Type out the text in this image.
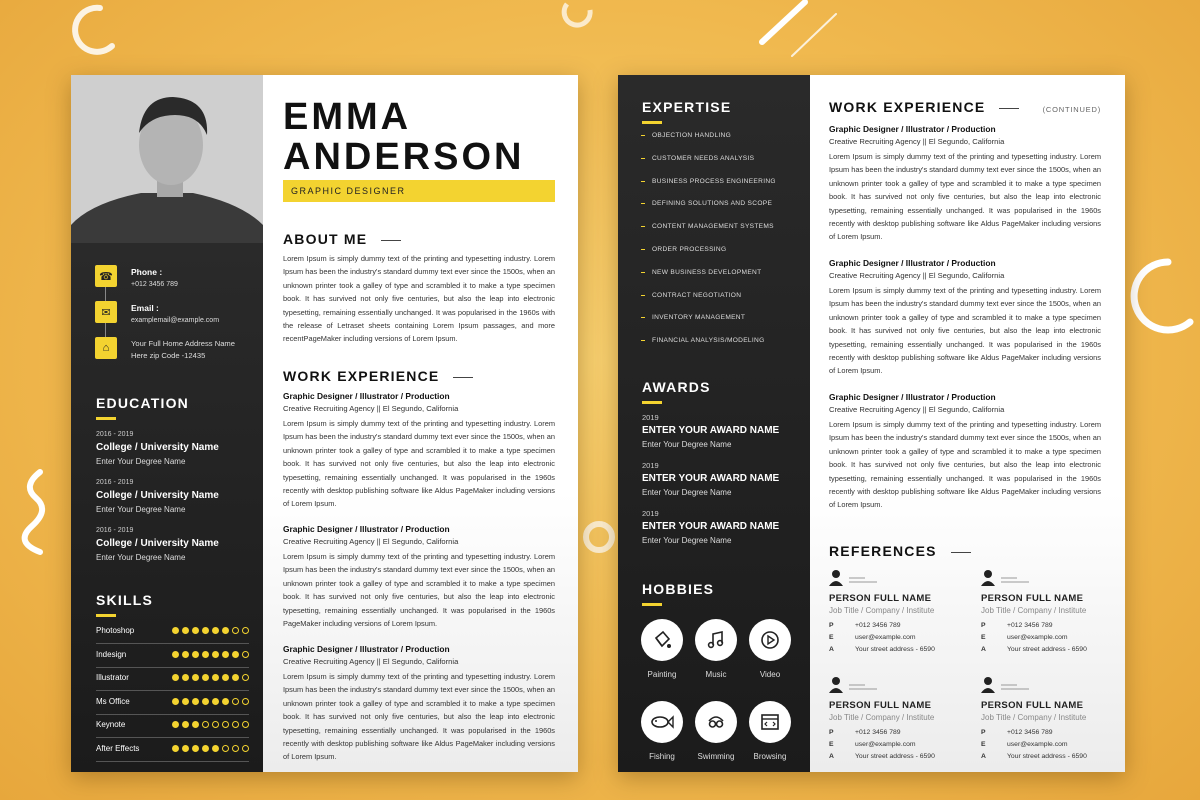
☎	Phone :
+012 3456 789
✉	Email :
examplemail@example.com
⌂	Your Full Home Address Name
Here zip Code -12435
EDUCATION
2016 - 2019
College / University Name
Enter Your Degree Name
2016 - 2019
College / University Name
Enter Your Degree Name
2016 - 2019
College / University Name
Enter Your Degree Name
SKILLS
Photoshop
Indesign
Illustrator
Ms Office
Keynote
After Effects
EMMA
ANDERSON
GRAPHIC DESIGNER
ABOUT ME
Lorem Ipsum is simply dummy text of the printing and typesetting industry. Lorem Ipsum has been the industry's standard dummy text ever since the 1500s, when an unknown printer took a galley of type and scrambled it to make a type specimen book. It has survived not only five centuries, but also the leap into electronic typesetting, remaining essentially unchanged. It was popularised in the 1960s with the release of Letraset sheets containing Lorem Ipsum passages, and more recentPageMaker including versions of Lorem Ipsum.
WORK EXPERIENCE
Graphic Designer / Illustrator / Production
Creative Recruiting Agency || El Segundo, California
Lorem Ipsum is simply dummy text of the printing and typesetting industry. Lorem Ipsum has been the industry's standard dummy text ever since the 1500s, when an unknown printer took a galley of type and scrambled it to make a type specimen book. It has survived not only five centuries, but also the leap into electronic typesetting, remaining essentially unchanged. It was popularised in the 1960s recently with desktop publishing software like Aldus PageMaker including versions of Lorem Ipsum.
Graphic Designer / Illustrator / Production
Creative Recruiting Agency || El Segundo, California
Lorem Ipsum is simply dummy text of the printing and typesetting industry. Lorem Ipsum has been the industry's standard dummy text ever since the 1500s, when an unknown printer took a galley of type and scrambled it to make a type specimen book. It has survived not only five centuries, but also the leap into electronic typesetting, remaining essentially unchanged. It was popularised in the 1960s PageMaker including versions of Lorem Ipsum.
Graphic Designer / Illustrator / Production
Creative Recruiting Agency || El Segundo, California
Lorem Ipsum is simply dummy text of the printing and typesetting industry. Lorem Ipsum has been the industry's standard dummy text ever since the 1500s, when an unknown printer took a galley of type and scrambled it to make a type specimen book. It has survived not only five centuries, but also the leap into electronic typesetting, remaining essentially unchanged. It was popularised in the 1960s recently with desktop publishing software like Aldus PageMaker including versions of Lorem Ipsum.
EXPERTISE
OBJECTION HANDLING
CUSTOMER NEEDS ANALYSIS
BUSINESS PROCESS ENGINEERING
DEFINING SOLUTIONS AND SCOPE
CONTENT MANAGEMENT SYSTEMS
ORDER PROCESSING
NEW BUSINESS DEVELOPMENT
CONTRACT NEGOTIATION
INVENTORY MANAGEMENT
FINANCIAL ANALYSIS/MODELING
AWARDS
2019
ENTER YOUR AWARD NAME
Enter Your Degree Name
2019
ENTER YOUR AWARD NAME
Enter Your Degree Name
2019
ENTER YOUR AWARD NAME
Enter Your Degree Name
HOBBIES
Painting	Music	Video
Fishing	Swimming	Browsing
WORK EXPERIENCE	(CONTINUED)
Graphic Designer / Illustrator / Production
Creative Recruiting Agency || El Segundo, California
Lorem Ipsum is simply dummy text of the printing and typesetting industry. Lorem Ipsum has been the industry's standard dummy text ever since the 1500s, when an unknown printer took a galley of type and scrambled it to make a type specimen book. It has survived not only five centuries, but also the leap into electronic typesetting, remaining essentially unchanged. It was popularised in the 1960s recently with desktop publishing software like Aldus PageMaker including versions of Lorem Ipsum.
Graphic Designer / Illustrator / Production
Creative Recruiting Agency || El Segundo, California
Lorem Ipsum is simply dummy text of the printing and typesetting industry. Lorem Ipsum has been the industry's standard dummy text ever since the 1500s, when an unknown printer took a galley of type and scrambled it to make a type specimen book. It has survived not only five centuries, but also the leap into electronic typesetting, remaining essentially unchanged. It was popularised in the 1960s recently with desktop publishing software like Aldus PageMaker including versions of Lorem Ipsum.
Graphic Designer / Illustrator / Production
Creative Recruiting Agency || El Segundo, California
Lorem Ipsum is simply dummy text of the printing and typesetting industry. Lorem Ipsum has been the industry's standard dummy text ever since the 1500s, when an unknown printer took a galley of type and scrambled it to make a type specimen book. It has survived not only five centuries, but also the leap into electronic typesetting, remaining essentially unchanged. It was popularised in the 1960s recently with desktop publishing software like Aldus PageMaker including versions of Lorem Ipsum.
REFERENCES
PERSON FULL NAME
Job Title / Company / Institute
P	+012 3456 789
E	user@example.com
A	Your street address - 6590
PERSON FULL NAME
Job Title / Company / Institute
P	+012 3456 789
E	user@example.com
A	Your street address - 6590
PERSON FULL NAME
Job Title / Company / Institute
P	+012 3456 789
E	user@example.com
A	Your street address - 6590
PERSON FULL NAME
Job Title / Company / Institute
P	+012 3456 789
E	user@example.com
A	Your street address - 6590
